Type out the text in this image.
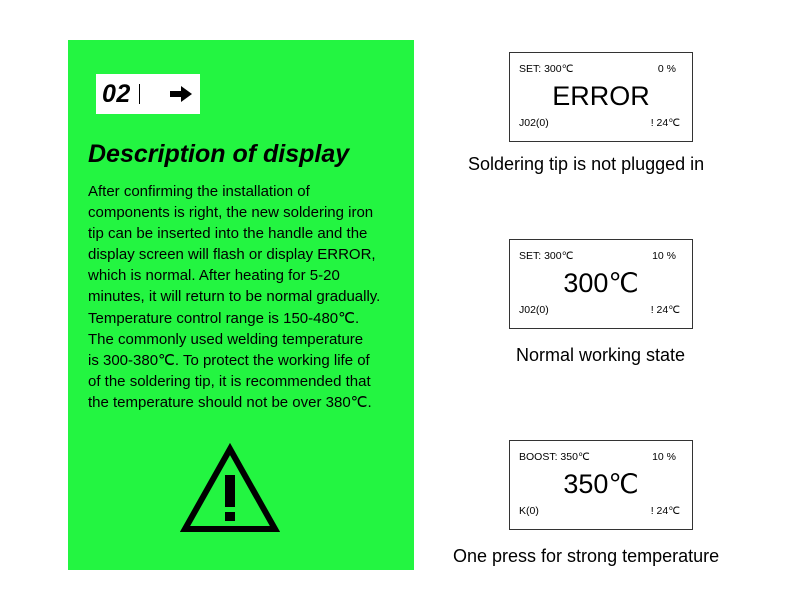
02
Description of display

After confirming the installation of
components is right, the new soldering iron
tip can be inserted into the handle and the
display screen will flash or display ERROR,
which is normal. After heating for 5-20
minutes, it will return to be normal gradually.
Temperature control range is 150-480℃.
The commonly used welding temperature
is 300-380℃. To protect the working life of
of the soldering tip, it is recommended that
the temperature should not be over 380℃.

SET: 300℃	0 %
ERROR
J02(0)	! 24℃
Soldering tip is not plugged in
SET: 300℃	10 %
300℃
J02(0)	! 24℃
Normal working state
BOOST: 350℃	10 %
350℃
K(0)	! 24℃
One press for strong temperature
